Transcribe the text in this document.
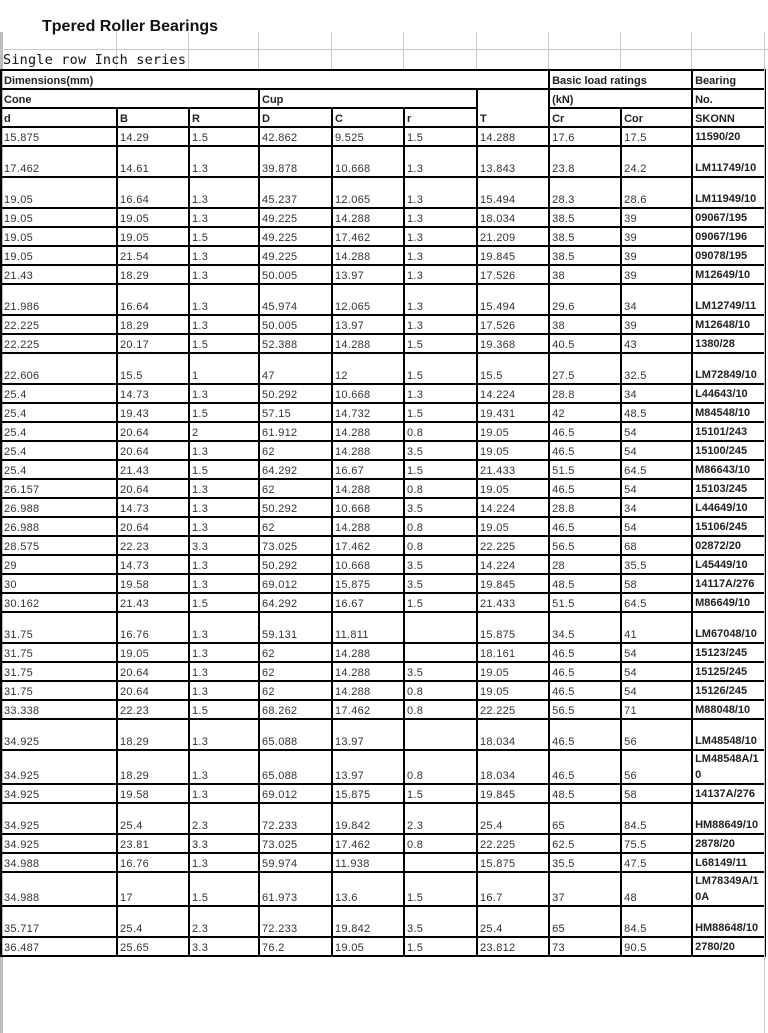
Tpered Roller Bearings
Single row Inch series
Dimensions(mm)							Basic load ratings		Bearing
Cone			Cup			T	(kN)		No.
d	B	R	D	C	r		Cr	Cor	SKONN
15.875	14.29	1.5	42.862	9.525	1.5	14.288	17.6	17.5	11590/20
17.462	14.61	1.3	39.878	10.668	1.3	13.843	23.8	24.2	LM11749/10
19.05	16.64	1.3	45.237	12.065	1.3	15.494	28.3	28.6	LM11949/10
19.05	19.05	1.3	49.225	14.288	1.3	18.034	38.5	39	09067/195
19.05	19.05	1.5	49.225	17.462	1.3	21.209	38.5	39	09067/196
19.05	21.54	1.3	49.225	14.288	1.3	19.845	38.5	39	09078/195
21.43	18.29	1.3	50.005	13.97	1.3	17.526	38	39	M12649/10
21.986	16.64	1.3	45.974	12.065	1.3	15.494	29.6	34	LM12749/11
22.225	18.29	1.3	50.005	13.97	1.3	17.526	38	39	M12648/10
22.225	20.17	1.5	52.388	14.288	1.5	19.368	40.5	43	1380/28
22.606	15.5	1	47	12	1.5	15.5	27.5	32.5	LM72849/10
25.4	14.73	1.3	50.292	10.668	1.3	14.224	28.8	34	L44643/10
25.4	19.43	1.5	57.15	14.732	1.5	19.431	42	48.5	M84548/10
25.4	20.64	2	61.912	14.288	0.8	19.05	46.5	54	15101/243
25.4	20.64	1.3	62	14.288	3.5	19.05	46.5	54	15100/245
25.4	21.43	1.5	64.292	16.67	1.5	21.433	51.5	64.5	M86643/10
26.157	20.64	1.3	62	14.288	0.8	19.05	46.5	54	15103/245
26.988	14.73	1.3	50.292	10.668	3.5	14.224	28.8	34	L44649/10
26.988	20.64	1.3	62	14.288	0.8	19.05	46.5	54	15106/245
28.575	22.23	3.3	73.025	17.462	0.8	22.225	56.5	68	02872/20
29	14.73	1.3	50.292	10.668	3.5	14.224	28	35.5	L45449/10
30	19.58	1.3	69.012	15.875	3.5	19.845	48.5	58	14117A/276
30.162	21.43	1.5	64.292	16.67	1.5	21.433	51.5	64.5	M86649/10
31.75	16.76	1.3	59.131	11.811		15.875	34.5	41	LM67048/10
31.75	19.05	1.3	62	14.288		18.161	46.5	54	15123/245
31.75	20.64	1.3	62	14.288	3.5	19.05	46.5	54	15125/245
31.75	20.64	1.3	62	14.288	0.8	19.05	46.5	54	15126/245
33.338	22.23	1.5	68.262	17.462	0.8	22.225	56.5	71	M88048/10
34.925	18.29	1.3	65.088	13.97		18.034	46.5	56	LM48548/10
34.925	18.29	1.3	65.088	13.97	0.8	18.034	46.5	56	LM48548A/10
34.925	19.58	1.3	69.012	15.875	1.5	19.845	48.5	58	14137A/276
34.925	25.4	2.3	72.233	19.842	2.3	25.4	65	84.5	HM88649/10
34.925	23.81	3.3	73.025	17.462	0.8	22.225	62.5	75.5	2878/20
34.988	16.76	1.3	59.974	11.938		15.875	35.5	47.5	L68149/11
34.988	17	1.5	61.973	13.6	1.5	16.7	37	48	LM78349A/10A
35.717	25.4	2.3	72.233	19.842	3.5	25.4	65	84.5	HM88648/10
36.487	25.65	3.3	76.2	19.05	1.5	23.812	73	90.5	2780/20
